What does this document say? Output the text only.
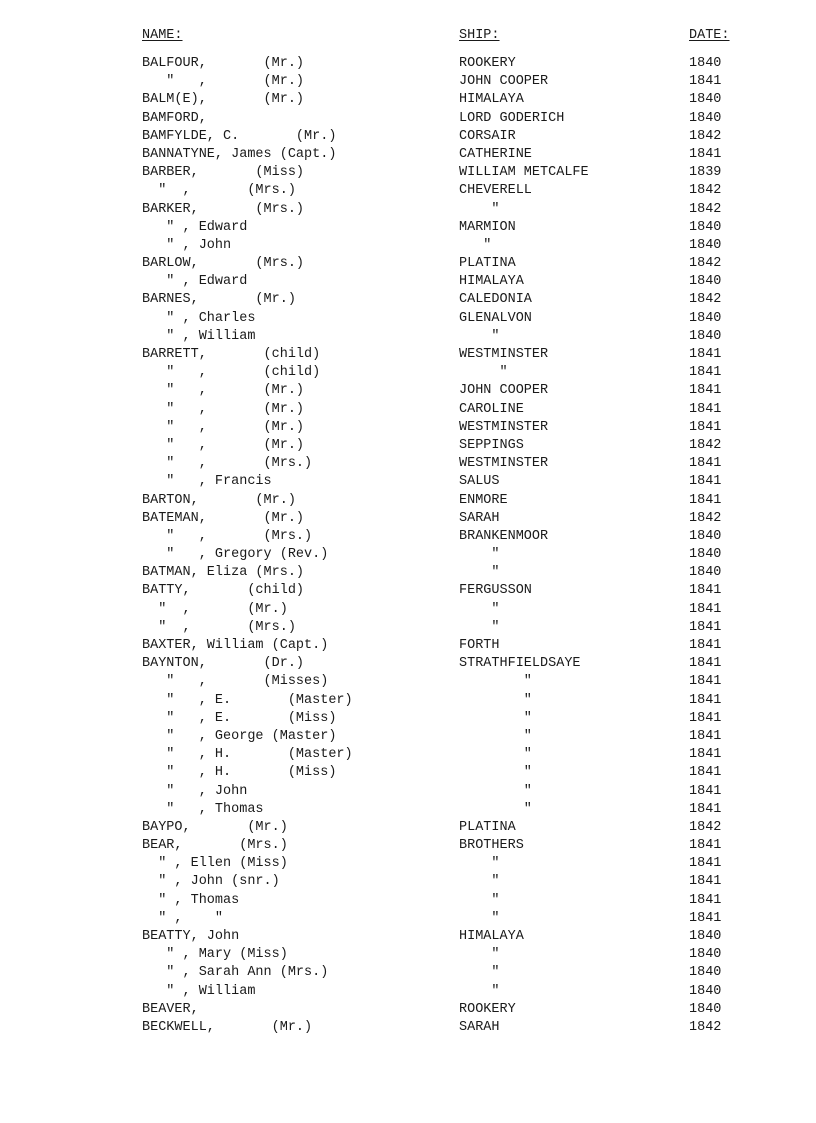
NAME:	SHIP:	DATE:
BALFOUR,       (Mr.)	ROOKERY	1840
"   ,       (Mr.)	JOHN COOPER	1841
BALM(E),       (Mr.)	HIMALAYA	1840
BAMFORD,	LORD GODERICH	1840
BAMFYLDE, C.       (Mr.)	CORSAIR	1842
BANNATYNE, James (Capt.)	CATHERINE	1841
BARBER,       (Miss)	WILLIAM METCALFE	1839
"  ,       (Mrs.)	CHEVERELL	1842
BARKER,       (Mrs.)	"	1842
" , Edward	MARMION	1840
" , John	"	1840
BARLOW,       (Mrs.)	PLATINA	1842
" , Edward	HIMALAYA	1840
BARNES,       (Mr.)	CALEDONIA	1842
" , Charles	GLENALVON	1840
" , William	"	1840
BARRETT,       (child)	WESTMINSTER	1841
"   ,       (child)	"	1841
"   ,       (Mr.)	JOHN COOPER	1841
"   ,       (Mr.)	CAROLINE	1841
"   ,       (Mr.)	WESTMINSTER	1841
"   ,       (Mr.)	SEPPINGS	1842
"   ,       (Mrs.)	WESTMINSTER	1841
"   , Francis	SALUS	1841
BARTON,       (Mr.)	ENMORE	1841
BATEMAN,       (Mr.)	SARAH	1842
"   ,       (Mrs.)	BRANKENMOOR	1840
"   , Gregory (Rev.)	"	1840
BATMAN, Eliza (Mrs.)	"	1840
BATTY,       (child)	FERGUSSON	1841
"  ,       (Mr.)	"	1841
"  ,       (Mrs.)	"	1841
BAXTER, William (Capt.)	FORTH	1841
BAYNTON,       (Dr.)	STRATHFIELDSAYE	1841
"   ,       (Misses)	"	1841
"   , E.       (Master)	"	1841
"   , E.       (Miss)	"	1841
"   , George (Master)	"	1841
"   , H.       (Master)	"	1841
"   , H.       (Miss)	"	1841
"   , John	"	1841
"   , Thomas	"	1841
BAYPO,       (Mr.)	PLATINA	1842
BEAR,       (Mrs.)	BROTHERS	1841
" , Ellen (Miss)	"	1841
" , John (snr.)	"	1841
" , Thomas	"	1841
" ,    "	"	1841
BEATTY, John	HIMALAYA	1840
" , Mary (Miss)	"	1840
" , Sarah Ann (Mrs.)	"	1840
" , William	"	1840
BEAVER,	ROOKERY	1840
BECKWELL,       (Mr.)	SARAH	1842
